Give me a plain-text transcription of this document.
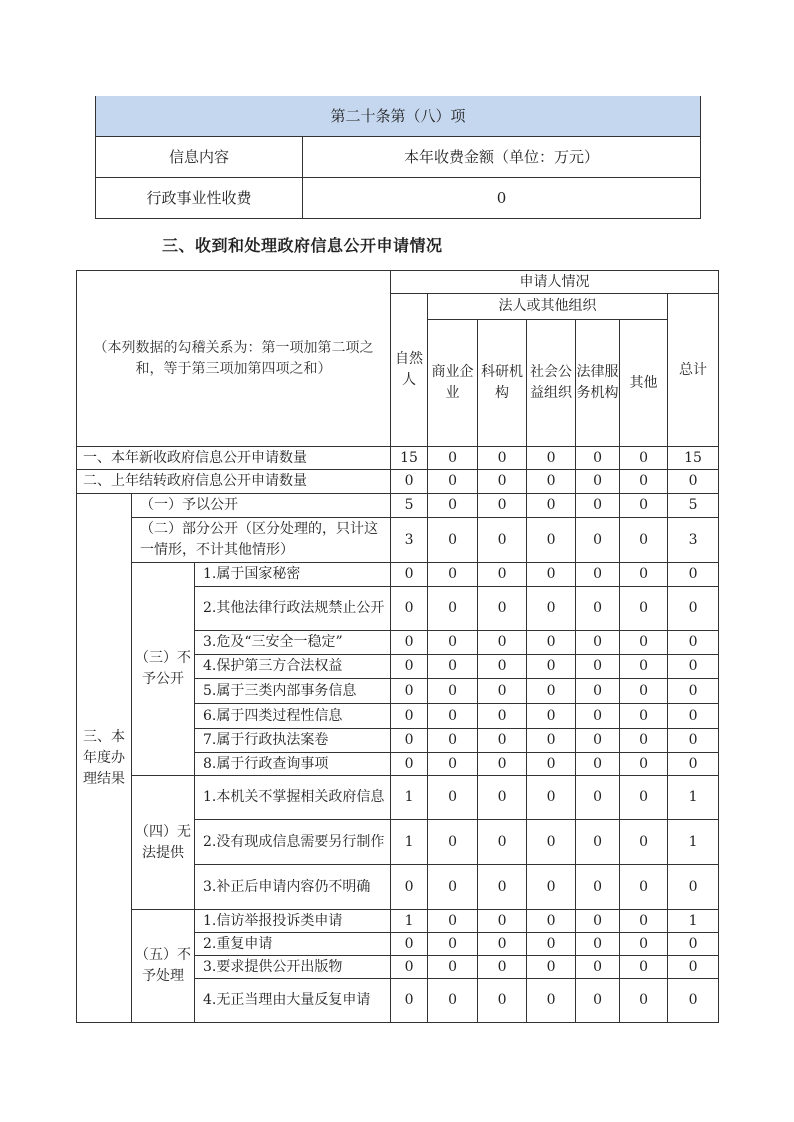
第二十条第（八）项	
信息内容	本年收费金额（单位：万元）
行政事业性收费	0
三、收到和处理政府信息公开申请情况
（本列数据的勾稽关系为：第一项加第二项之和，等于第三项加第四项之和）			申请人情况						
			自然人	法人或其他组织					总计
				商业企业	科研机构	社会公益组织	法律服务机构	其他	
一、本年新收政府信息公开申请数量			15	0	0	0	0	0	15
二、上年结转政府信息公开申请数量			0	0	0	0	0	0	0
三、本年度办理结果	（一）予以公开		5	0	0	0	0	0	5
	（二）部分公开（区分处理的，只计这一情形，不计其他情形）		3	0	0	0	0	0	3
	（三）不予公开	1.属于国家秘密	0	0	0	0	0	0	0
		2.其他法律行政法规禁止公开	0	0	0	0	0	0	0
		3.危及“三安全一稳定”	0	0	0	0	0	0	0
		4.保护第三方合法权益	0	0	0	0	0	0	0
		5.属于三类内部事务信息	0	0	0	0	0	0	0
		6.属于四类过程性信息	0	0	0	0	0	0	0
		7.属于行政执法案卷	0	0	0	0	0	0	0
		8.属于行政查询事项	0	0	0	0	0	0	0
	（四）无法提供	1.本机关不掌握相关政府信息	1	0	0	0	0	0	1
		2.没有现成信息需要另行制作	1	0	0	0	0	0	1
		3.补正后申请内容仍不明确	0	0	0	0	0	0	0
	（五）不予处理	1.信访举报投诉类申请	1	0	0	0	0	0	1
		2.重复申请	0	0	0	0	0	0	0
		3.要求提供公开出版物	0	0	0	0	0	0	0
		4.无正当理由大量反复申请	0	0	0	0	0	0	0
